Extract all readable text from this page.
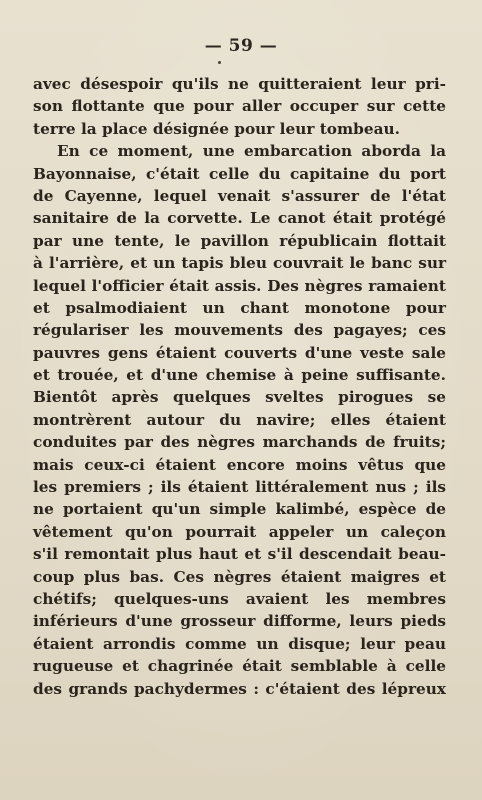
— 59 —
avec désespoir qu'ils ne quitteraient leur pri-
son flottante que pour aller occuper sur cette
terre la place désignée pour leur tombeau.
En ce moment, une embarcation aborda la
Bayonnaise, c'était celle du capitaine du port
de Cayenne, lequel venait s'assurer de l'état
sanitaire de la corvette. Le canot était protégé
par une tente, le pavillon républicain flottait
à l'arrière, et un tapis bleu couvrait le banc sur
lequel l'officier était assis. Des nègres ramaient
et psalmodiaient un chant monotone pour
régulariser les mouvements des pagayes; ces
pauvres gens étaient couverts d'une veste sale
et trouée, et d'une chemise à peine suffisante.
Bientôt après quelques sveltes pirogues se
montrèrent autour du navire; elles étaient
conduites par des nègres marchands de fruits;
mais ceux-ci étaient encore moins vêtus que
les premiers ; ils étaient littéralement nus ; ils
ne portaient qu'un simple kalimbé, espèce de
vêtement qu'on pourrait appeler un caleçon
s'il remontait plus haut et s'il descendait beau-
coup plus bas. Ces nègres étaient maigres et
chétifs; quelques-uns avaient les membres
inférieurs d'une grosseur difforme, leurs pieds
étaient arrondis comme un disque; leur peau
rugueuse et chagrinée était semblable à celle
des grands pachydermes : c'étaient des lépreux
